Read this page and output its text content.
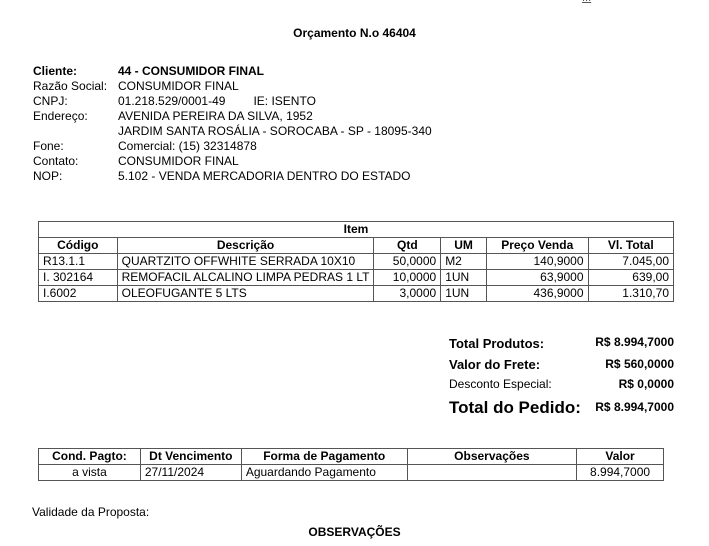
Orçamento N.o 46404
Cliente:	44 - CONSUMIDOR FINAL
Razão Social: CONSUMIDOR FINAL
CNPJ:	01.218.529/0001-49 IE: ISENTO
Endereço:	AVENIDA PEREIRA DA SILVA, 1952
JARDIM SANTA ROSÁLIA - SOROCABA - SP - 18095-340
Fone:	Comercial: (15) 32314878
Contato:	CONSUMIDOR FINAL
NOP:	5.102 - VENDA MERCADORIA DENTRO DO ESTADO
Item					
Código	Descrição	Qtd	UM	Preço Venda	Vl. Total
R13.1.1	QUARTZITO OFFWHITE SERRADA 10X10	50,0000	M2	140,9000	7.045,00
I. 302164	REMOFACIL ALCALINO LIMPA PEDRAS 1 LT	10,0000	1UN	63,9000	639,00
I.6002	OLEOFUGANTE 5 LTS	3,0000	1UN	436,9000	1.310,70
Total Produtos:	R$ 8.994,7000
Valor do Frete:	R$ 560,0000
Desconto Especial:	R$ 0,0000
Total do Pedido: R$ 8.994,7000
Cond. Pagto:	Dt Vencimento	Forma de Pagamento	Observações	Valor
a vista	27/11/2024	Aguardando Pagamento		8.994,7000
Validade da Proposta:
OBSERVAÇÕES
